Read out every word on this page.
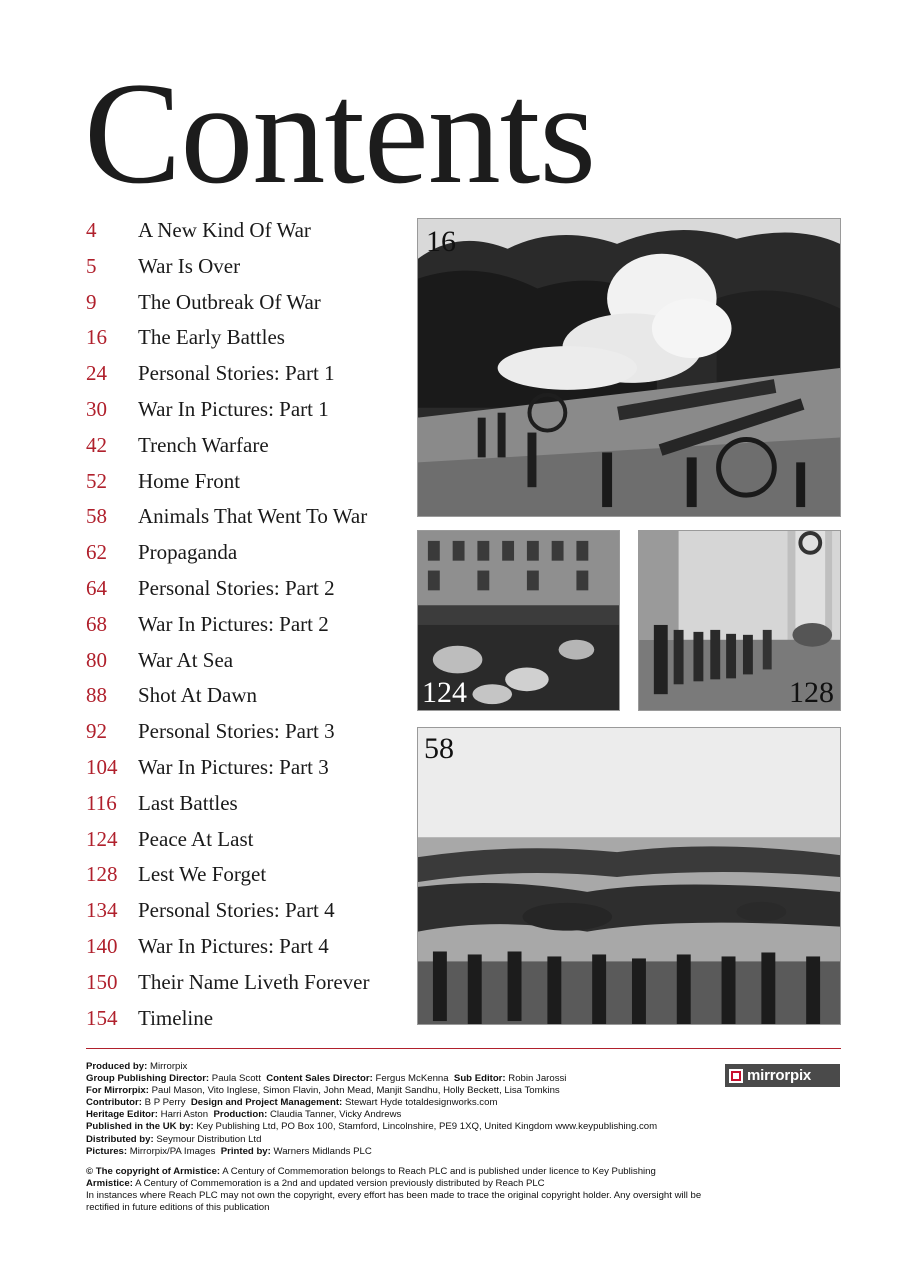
Contents
4 A New Kind Of War
5 War Is Over
9 The Outbreak Of War
16 The Early Battles
24 Personal Stories: Part 1
30 War In Pictures: Part 1
42 Trench Warfare
52 Home Front
58 Animals That Went To War
62 Propaganda
64 Personal Stories: Part 2
68 War In Pictures: Part 2
80 War At Sea
88 Shot At Dawn
92 Personal Stories: Part 3
104 War In Pictures: Part 3
116 Last Battles
124 Peace At Last
128 Lest We Forget
134 Personal Stories: Part 4
140 War In Pictures: Part 4
150 Their Name Liveth Forever
154 Timeline
16
124	128
58
Produced by: Mirrorpix
Group Publishing Director: Paula Scott Content Sales Director: Fergus McKenna Sub Editor: Robin Jarossi
For Mirrorpix: Paul Mason, Vito Inglese, Simon Flavin, John Mead, Manjit Sandhu, Holly Beckett, Lisa Tomkins
Contributor: B P Perry Design and Project Management: Stewart Hyde totaldesignworks.com
Heritage Editor: Harri Aston Production: Claudia Tanner, Vicky Andrews
Published in the UK by: Key Publishing Ltd, PO Box 100, Stamford, Lincolnshire, PE9 1XQ, United Kingdom www.keypublishing.com
Distributed by: Seymour Distribution Ltd
Pictures: Mirrorpix/PA Images Printed by: Warners Midlands PLC
© The copyright of Armistice: A Century of Commemoration belongs to Reach PLC and is published under licence to Key Publishing
Armistice: A Century of Commemoration is a 2nd and updated version previously distributed by Reach PLC
In instances where Reach PLC may not own the copyright, every effort has been made to trace the original copyright holder. Any oversight will be
rectified in future editions of this publication
mirrorpix
